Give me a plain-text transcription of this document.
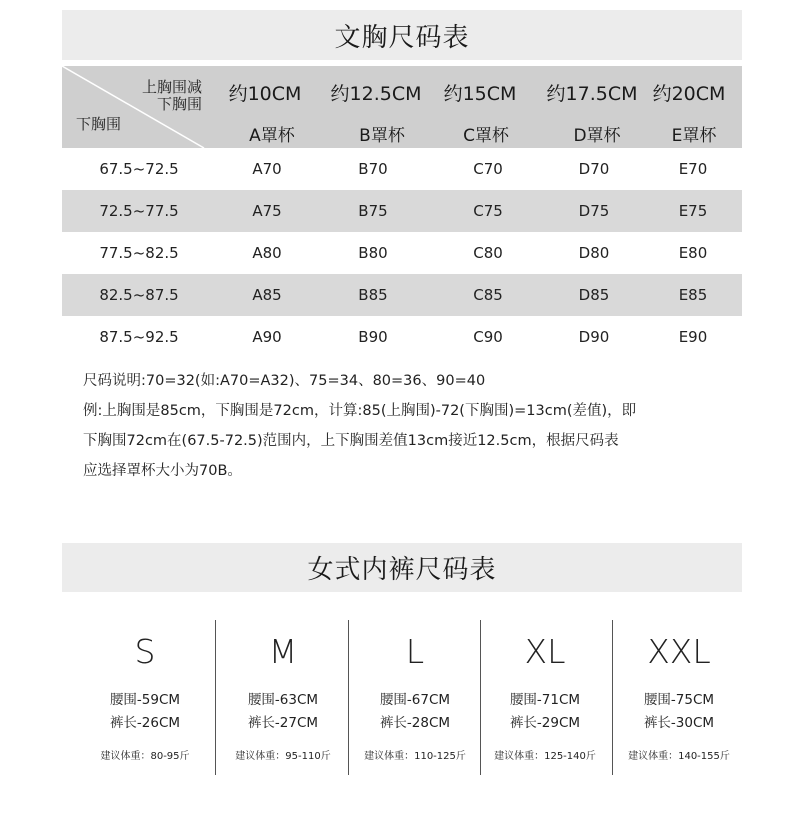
文胸尺码表
上胸围减下胸围
下胸围
约10CM	约12.5CM	约15CM	约17.5CM 约20CM
A罩杯	B罩杯	C罩杯	D罩杯	E罩杯
67.5~72.5	A70	B70	C70	D70	E70
72.5~77.5	A75	B75	C75	D75	E75
77.5~82.5	A80	B80	C80	D80	E80
82.5~87.5	A85	B85	C85	D85	E85
87.5~92.5	A90	B90	C90	D90	E90
尺码说明:70=32(如:A70=A32)、75=34、80=36、90=40
例:上胸围是85cm，下胸围是72cm，计算:85(上胸围)-72(下胸围)=13cm(差值)，即
下胸围72cm在(67.5-72.5)范围内，上下胸围差值13cm接近12.5cm，根据尺码表
应选择罩杯大小为70B。
女式内裤尺码表
S
腰围-59CM
裤长-26CM
建议体重：80-95斤
M
腰围-63CM
裤长-27CM
建议体重：95-110斤
L
腰围-67CM
裤长-28CM
建议体重：110-125斤
XL
腰围-71CM
裤长-29CM
建议体重：125-140斤
XXL
腰围-75CM
裤长-30CM
建议体重：140-155斤
